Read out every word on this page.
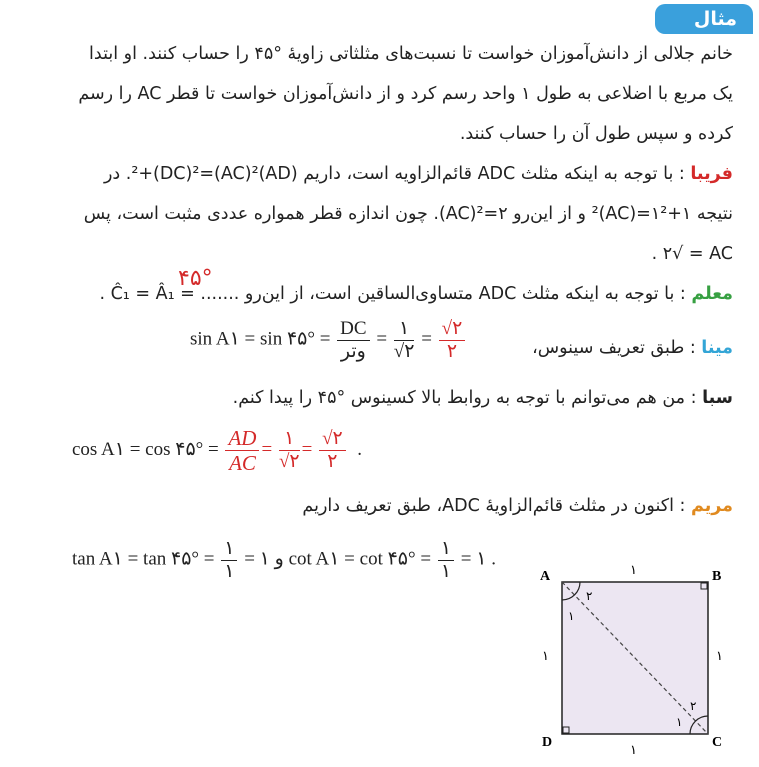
مثال
خانم جلالی از دانش‌آموزان خواست تا نسبت‌های مثلثاتی زاویهٔ °۴۵ را حساب کنند. او ابتدا
یک مربع با اضلاعی به طول ۱ واحد رسم کرد و از دانش‌آموزان خواست تا قطر AC را رسم
کرده و سپس طول آن را حساب کنند.
فریبا : با توجه به اینکه مثلث ADC قائم‌الزاویه است، داریم (AD)²+(DC)²=(AC)². در
نتیجه ١+١²=(AC)² و از این‌رو ٢=²(AC). چون اندازه قطر همواره عددی مثبت است، پس
AC = √٢ .
معلم : با توجه به اینکه مثلث ADC متساوی‌الساقین است، از این‌رو ....... = Ĉ₁ = Â₁ .
۴۵°
مینا : طبق تعریف سینوس،
sin A۱ = sin ۴۵° = $\frac{DC}{\text{وتر}} = \frac{۱}{√۲} = \frac{√۲}{۲}$
سبا : من هم می‌توانم با توجه به روابط بالا کسینوس °۴۵ را پیدا کنم.
cos A۱ = cos ۴۵° = $\frac{AD}{AC} = \frac{۱}{√۲} = \frac{√۲}{۲}$ .
مریم : اکنون در مثلث قائم‌الزاویهٔ ADC، طبق تعریف داریم
tan A۱ = tan ۴۵° = $\frac{۱}{۱}$ = ۱ و cot A۱ = cot ۴۵° = $\frac{۱}{۱}$ = ۱ .
A	B
C
D
۱
۱	۱
۱
۲
۱
۲
۱
